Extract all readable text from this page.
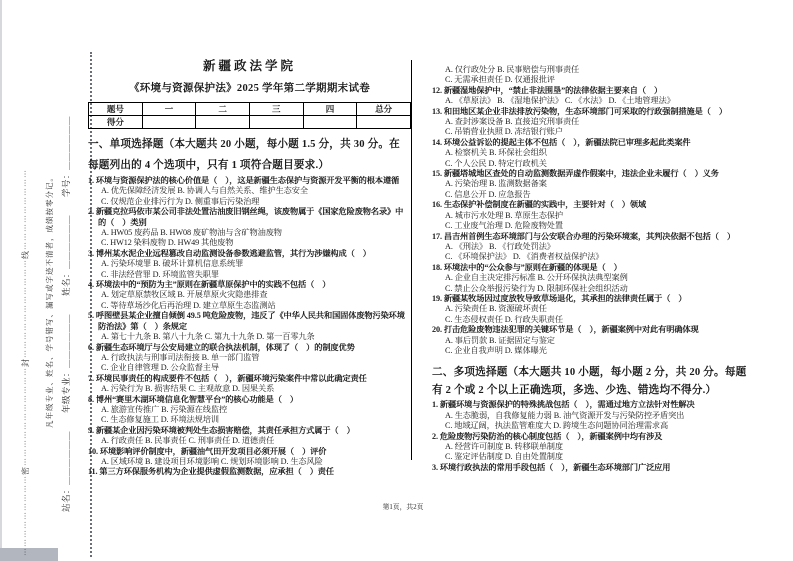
站名：＿＿＿＿＿＿　　年级专业：＿＿＿＿＿＿　　姓名：＿＿＿＿＿＿　　学号：＿＿＿＿＿＿
凡年级专业、姓名、学号错写、漏写或字迹不清者，成绩按零分记。
⋯⋯⋯⋯⋯⋯⋯⋯⋯密⋯⋯⋯⋯⋯⋯⋯⋯⋯⋯⋯封⋯⋯⋯⋯⋯⋯⋯⋯⋯⋯⋯线⋯⋯⋯⋯⋯⋯⋯⋯⋯
新疆政法学院
《环境与资源保护法》2025 学年第二学期期末试卷
题号	一	二	三	四	总分
得分					
一、单项选择题（本大题共 20 小题，每小题 1.5 分，共 30 分。在
每题列出的 4 个选项中，只有 1 项符合题目要求.）
1. 环境与资源保护法的核心价值是（　），这是新疆生态保护与资源开发平衡的根本遵循
A. 优先保障经济发展 B. 协调人与自然关系、维护生态安全
C. 仅规范企业排污行为 D. 侧重事后污染治理
2. 新疆克拉玛依市某公司非法处置沾油废旧钢丝绳，该废物属于《国家危险废物名录》中
的（　）类别
A. HW05 废药品 B. HW08 废矿物油与含矿物油废物
C. HW12 染料废物 D. HW49 其他废物
3. 博州某水泥企业远程篡改自动监测设备参数逃避监管，其行为涉嫌构成（　）
A. 污染环境罪 B. 破坏计算机信息系统罪
C. 非法经营罪 D. 环境监管失职罪
4. 环境法中的“预防为主”原则在新疆草原保护中的实践不包括（　）
A. 划定草原禁牧区域 B. 开展草原火灾隐患排查
C. 等待草场沙化后再治理 D. 建立草原生态监测站
5. 呼图壁县某企业擅自倾倒 49.5 吨危险废物，违反了《中华人民共和国固体废物污染环境
防治法》第（　）条规定
A. 第七十九条 B. 第八十九条 C. 第九十九条 D. 第一百零九条
6. 新疆生态环境厅与公安局建立的联合执法机制，体现了（　）的制度优势
A. 行政执法与刑事司法衔接 B. 单一部门监管
C. 企业自律管理 D. 公众监督主导
7. 环境民事责任的构成要件不包括（　），新疆环境污染案件中常以此确定责任
A. 污染行为 B. 损害结果 C. 主观故意 D. 因果关系
8. 博州“赛里木湖环境信息化智慧平台”的核心功能是（　）
A. 旅游宣传推广 B. 污染源在线监控
C. 生态修复施工 D. 环境法规培训
9. 新疆某企业因污染环境被判处生态损害赔偿，其责任承担方式属于（　）
A. 行政责任 B. 民事责任 C. 刑事责任 D. 道德责任
10. 环境影响评价制度中，新疆油气田开发项目必须开展（　）评价
A. 区域环境 B. 建设项目环境影响 C. 规划环境影响 D. 生态风险
11. 第三方环保服务机构为企业提供虚假监测数据，应承担（　）责任
A. 仅行政处分 B. 民事赔偿与刑事责任
C. 无需承担责任 D. 仅通报批评
12. 新疆湿地保护中，“禁止非法围垦”的法律依据主要来自（　）
A. 《草原法》 B. 《湿地保护法》 C. 《水法》 D. 《土地管理法》
13. 和田地区某企业非法排放污染物，生态环境部门可采取的行政强制措施是（　）
A. 查封涉案设备 B. 直接追究刑事责任
C. 吊销营业执照 D. 冻结银行账户
14. 环境公益诉讼的提起主体不包括（　），新疆法院已审理多起此类案件
A. 检察机关 B. 环保社会组织
C. 个人公民 D. 特定行政机关
15. 新疆塔城地区查处的自动监测数据弄虚作假案中，违法企业未履行（　）义务
A. 污染治理 B. 监测数据备案
C. 信息公开 D. 应急报告
16. 生态保护补偿制度在新疆的实践中，主要针对（　）领域
A. 城市污水处理 B. 草原生态保护
C. 工业废气治理 D. 危险废物处置
17. 昌吉州首例生态环境部门与公安联合办理的污染环境案，其判决依据不包括（　）
A. 《刑法》 B. 《行政处罚法》
C. 《环境保护法》 D. 《消费者权益保护法》
18. 环境法中的“公众参与”原则在新疆的体现是（　）
A. 企业自主决定排污标准 B. 公开环保执法典型案例
C. 禁止公众举报污染行为 D. 限制环保社会组织活动
19. 新疆某牧场因过度放牧导致草场退化，其承担的法律责任属于（　）
A. 污染责任 B. 资源破坏责任
C. 生态侵权责任 D. 行政失职责任
20. 打击危险废物违法犯罪的关键环节是（　），新疆案例中对此有明确体现
A. 事后罚款 B. 证据固定与鉴定
C. 企业自我声明 D. 媒体曝光
二、多项选择题（本大题共 10 小题，每小题 2 分，共 20 分。每题
有 2 个或 2 个以上正确选项，多选、少选、错选均不得分.）
1. 新疆环境与资源保护的特殊挑战包括（　），需通过地方立法针对性解决
A. 生态脆弱，自我修复能力弱 B. 油气资源开发与污染防控矛盾突出
C. 地域辽阔，执法监管难度大 D. 跨境生态问题协同治理需求高
2. 危险废物污染防治的核心制度包括（　），新疆案例中均有涉及
A. 经营许可制度 B. 转移联单制度
C. 鉴定评估制度 D. 自由处置制度
3. 环境行政执法的常用手段包括（　），新疆生态环境部门广泛应用
第1页，共2页
